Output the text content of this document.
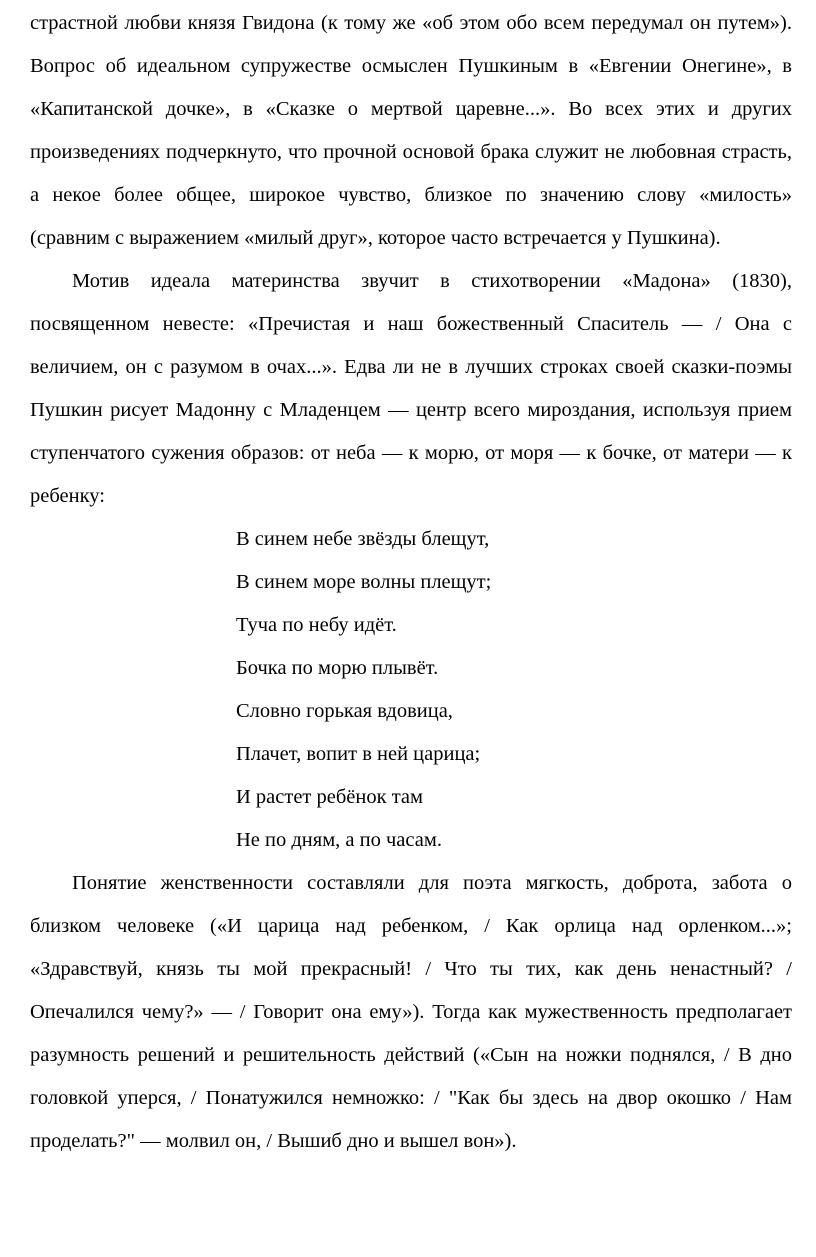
страстной любви князя Гвидона (к тому же «об этом обо всем передумал он путем»). Вопрос об идеальном супружестве осмыслен Пушкиным в «Евгении Онегине», в «Капитанской дочке», в «Сказке о мертвой царевне...». Во всех этих и других произведениях подчеркнуто, что прочной основой брака служит не любовная страсть, а некое более общее, широкое чувство, близкое по значению слову «милость» (сравним с выражением «милый друг», которое часто встречается у Пушкина).

Мотив идеала материнства звучит в стихотворении «Мадона» (1830), посвященном невесте: «Пречистая и наш божественный Спаситель — / Она с величием, он с разумом в очах...». Едва ли не в лучших строках своей сказки-поэмы Пушкин рисует Мадонну с Младенцем — центр всего мироздания, используя прием ступенчатого сужения образов: от неба — к морю, от моря — к бочке, от матери — к ребенку:

В синем небе звёзды блещут,
В синем море волны плещут;
Туча по небу идёт.
Бочка по морю плывёт.
Словно горькая вдовица,
Плачет, вопит в ней царица;
И растет ребёнок там
Не по дням, а по часам.

Понятие женственности составляли для поэта мягкость, доброта, забота о близком человеке («И царица над ребенком, / Как орлица над орленком...»; «Здравствуй, князь ты мой прекрасный! / Что ты тих, как день ненастный? / Опечалился чему?» — / Говорит она ему»). Тогда как мужественность предполагает разумность решений и решительность действий («Сын на ножки поднялся, / В дно головкой уперся, / Понатужился немножко: / "Как бы здесь на двор окошко / Нам проделать?" — молвил он, / Вышиб дно и вышел вон»).
